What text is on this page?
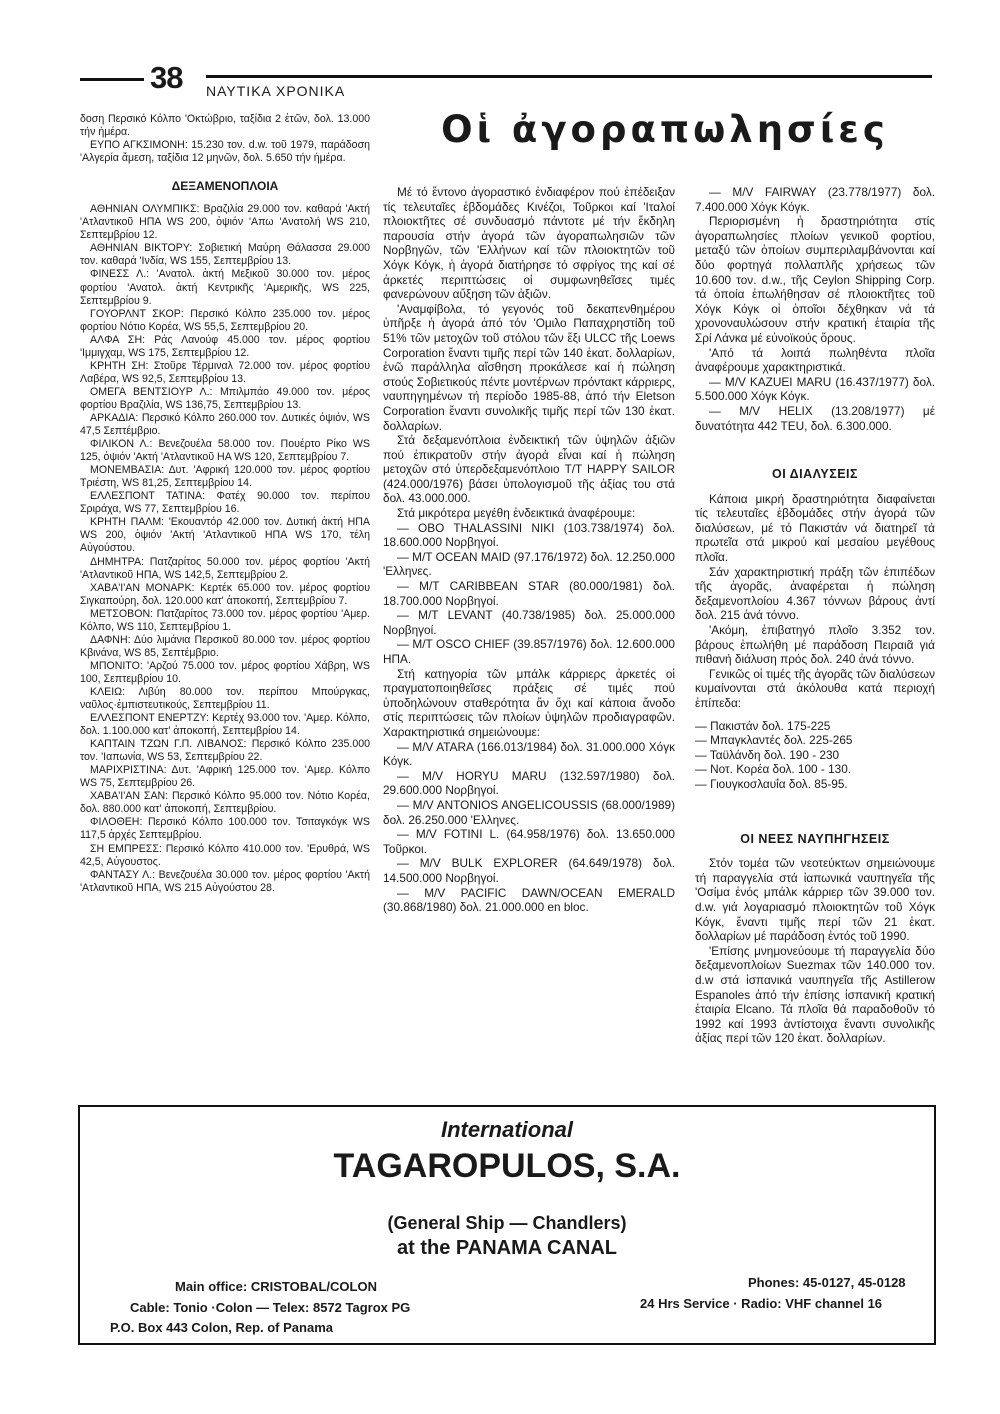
38 ΝΑΥΤΙΚΑ ΧΡΟΝΙΚΑ
Οἱ ἀγοραπωλησίες

δοση Περσικό Κόλπο 'Οκτώβριο, ταξίδια 2 ἐτῶν, δολ. 13.000 τήν ἡμέρα.

ΕΥΠΟ ΑΓΚΣΙΜΟΝΗ: 15.230 τον. d.w. τοῦ 1979, παράδοση 'Αλγερία ἄμεση, ταξίδια 12 μηνῶν, δολ. 5.650 τήν ἡμέρα.

ΔΕΞΑΜΕΝΟΠΛΟΙΑ

ΑΘΗΝΙΑΝ ΟΛΥΜΠΙΚΣ: Βραζιλία 29.000 τον. καθαρά 'Ακτή 'Ατλαντικοῦ ΗΠΑ WS 200, ὀψιόν 'Απω 'Ανατολή WS 210, Σεπτεμβρίου 12.

ΑΘΗΝΙΑΝ ΒΙΚΤΟΡΥ: Σοβιετική Μαύρη Θάλασσα 29.000 τον. καθαρά 'Ινδία, WS 155, Σεπτεμβρίου 13.

ΦΙΝΕΣΣ Λ.: 'Ανατολ. ἀκτή Μεξικοῦ 30.000 τον. μέρος φορτίου 'Ανατολ. ἀκτή Κεντρικῆς 'Αμερικῆς, WS 225, Σεπτεμβρίου 9.

ΓΟΥΟΡΛΝΤ ΣΚΟΡ: Περσικό Κόλπο 235.000 τον. μέρος φορτίου Νότιο Κορέα, WS 55,5, Σεπτεμβρίου 20.

ΑΛΦΑ ΣΗ: Ράς Λανούφ 45.000 τον. μέρος φορτίου 'Ιμμιγχαμ, WS 175, Σεπτεμβρίου 12.

ΚΡΗΤΗ ΣΗ: Στοῦρε Τέρμιναλ 72.000 τον. μέρος φορτίου Λαβέρα, WS 92,5, Σεπτεμβρίου 13.

ΟΜΕΓΑ ΒΕΝΤΣΙΟΥΡ Λ.: Μπιλμπάο 49.000 τον. μέρος φορτίου Βραζιλία, WS 136,75, Σεπτεμβρίου 13.

ΑΡΚΑΔΙΑ: Περσικό Κόλπο 260.000 τον. Δυτικές ὀψιόν, WS 47,5 Σεπτέμβριο.

ΦΙΛΙΚΟΝ Λ.: Βενεζουέλα 58.000 τον. Πουέρτο Ρίκο WS 125, ὀψιόν 'Ακτή 'Ατλαντικοῦ ΗΑ WS 120, Σεπτεμβρίου 7.

ΜΟΝΕΜΒΑΣΙΑ: Δυτ. 'Αφρική 120.000 τον. μέρος φορτίου Τριέστη, WS 81,25, Σεπτεμβρίου 14.

ΕΛΛΕΣΠΟΝΤ ΤΑΤΙΝΑ: Φατέχ 90.000 τον. περίπου Σριράχα, WS 77, Σεπτεμβρίου 16.

ΚΡΗΤΗ ΠΑΛΜ: 'Εκουαντόρ 42.000 τον. Δυτική ἀκτή ΗΠΑ WS 200, ὀψιόν 'Ακτή 'Ατλαντικοῦ ΗΠΑ WS 170, τέλη Αὐγούστου.

ΔΗΜΗΤΡΑ: Πατζαρίτος 50.000 τον. μέρος φορτίου 'Ακτή 'Ατλαντικοῦ ΗΠΑ, WS 142,5, Σεπτεμβρίου 2.

ΧΑΒΑ'Ι'ΑΝ ΜΟΝΑΡΚ: Κερτέκ 65.000 τον. μέρος φορτίου Σιγκαπούρη, δολ. 120.000 κατ' ἀποκοπή, Σεπτεμβρίου 7.

ΜΕΤΣΟΒΟΝ: Πατζαρίτος 73.000 τον. μέρος φορτίου 'Αμερ. Κόλπο, WS 110, Σεπτεμβρίου 1.

ΔΑΦΝΗ: Δύο λιμάνια Περσικοῦ 80.000 τον. μέρος φορτίου Κβινάνα, WS 85, Σεπτέμβριο.

ΜΠΟΝΙΤΟ: 'Αρζού 75.000 τον. μέρος φορτίου Χάβρη, WS 100, Σεπτεμβρίου 10.

ΚΛΕΙΩ: Λιβύη 80.000 τον. περίπου Μπούργκας, ναῦλος·ἐμπιστευτικούς, Σεπτεμβρίου 11.

ΕΛΛΕΣΠΟΝΤ ΕΝΕΡΤΖΥ: Κερτέχ 93.000 τον. 'Αμερ. Κόλπο, δολ. 1.100.000 κατ' ἀποκοπή, Σεπτεμβρίου 14.

ΚΑΠΤΑΙΝ ΤΖΩΝ Γ.Π. ΛΙΒΑΝΟΣ: Περσικό Κόλπο 235.000 τον. 'Ιαπωνία, WS 53, Σεπτεμβρίου 22.

ΜΑΡΙΧΡΙΣΤΙΝΑ: Δυτ. 'Αφρική 125.000 τον. 'Αμερ. Κόλπο WS 75, Σεπτεμβρίου 26.

ΧΑΒΑ'Ι'ΑΝ ΣΑΝ: Περσικό Κόλπο 95.000 τον. Νότιο Κορέα, δολ. 880.000 κατ' ἀποκοπή, Σεπτεμβρίου.

ΦΙΛΟΘΕΗ: Περσικό Κόλπο 100.000 τον. Τσιταγκόγκ WS 117,5 ἀρχές Σεπτεμβρίου.

ΣΗ ΕΜΠΡΕΣΣ: Περσικό Κόλπο 410.000 τον. 'Ερυθρά, WS 42,5, Αὐγουστος.

ΦΑΝΤΑΣΥ Λ.: Βενεζουέλα 30.000 τον. μέρος φορτίου 'Ακτή 'Ατλαντικοῦ ΗΠΑ, WS 215 Αὐγούστου 28.

Μέ τό ἔντονο ἀγοραστικό ἐνδιαφέρον πού ἐπέδειξαν τίς τελευταῖες ἑβδομάδες Κινέζοι, Τοῦρκοι καί 'Ιταλοί πλοιοκτῆτες σέ συνδυασμό πάντοτε μέ τήν ἔκδηλη παρουσία στήν ἀγορά τῶν ἀγοραπωλησιῶν τῶν Νορβηγῶν, τῶν 'Ελλήνων καί τῶν πλοιοκτητῶν τοῦ Χόγκ Κόγκ, ἡ ἀγορά διατήρησε τό σφρίγος της καί σέ ἀρκετές περιπτώσεις οἱ συμφωνηθεῖσες τιμές φανερώνουν αὔξηση τῶν ἀξιῶν.

'Αναμφίβολα, τό γεγονός τοῦ δεκαπενθημέρου ὑπῆρξε ἡ ἀγορά ἀπό τόν 'Ομιλο Παπαχρηστίδη τοῦ 51% τῶν μετοχῶν τοῦ στόλου τῶν ἕξι ULCC τῆς Loews Corporation ἔναντι τιμῆς περί τῶν 140 ἑκατ. δολλαρίων, ἐνῶ παράλληλα αἴσθηση προκάλεσε καί ἡ πώληση στούς Σοβιετικούς πέντε μοντέρνων πρόντακτ κάρριερς, ναυπηγημένων τή περίοδο 1985-88, ἀπό τήν Eletson Corporation ἔναντι συνολικῆς τιμῆς περί τῶν 130 ἑκατ. δολλαρίων.

Στά δεξαμενόπλοια ἐνδεικτική τῶν ὑψηλῶν ἀξιῶν πού ἐπικρατοῦν στήν ἀγορά εἶναι καί ἡ πώληση μετοχῶν στό ὑπερδεξαμενόπλοιο T/T HAPPY SAILOR (424.000/1976) βάσει ὑπολογισμοῦ τῆς ἀξίας του στά δολ. 43.000.000.

Στά μικρότερα μεγέθη ἐνδεικτικά ἀναφέρουμε:

— OBO THALASSINI NIKI (103.738/1974) δολ. 18.600.000 Νορβηγοί.

— M/T OCEAN MAID (97.176/1972) δολ. 12.250.000 'Ελληνες.

— M/T CARIBBEAN STAR (80.000/1981) δολ. 18.700.000 Νορβηγοί.

— M/T LEVANT (40.738/1985) δολ. 25.000.000 Νορβηγοί.

— M/T OSCO CHIEF (39.857/1976) δολ. 12.600.000 ΗΠΑ.

Στή κατηγορία τῶν μπάλκ κάρριερς ἀρκετές οἱ πραγματοποιηθεῖσες πράξεις σέ τιμές πού ὑποδηλώνουν σταθερότητα ἄν ὄχι καί κάποια ἄνοδο στίς περιπτώσεις τῶν πλοίων ὑψηλῶν προδιαγραφῶν. Χαρακτηριστικά σημειώνουμε:

— M/V ATARA (166.013/1984) δολ. 31.000.000 Χόγκ Κόγκ.

— M/V HORYU MARU (132.597/1980) δολ. 29.600.000 Νορβηγοί.

— M/V ANTONIOS ANGELICOUSSIS (68.000/1989) δολ. 26.250.000 'Ελληνες.

— M/V FOTINI L. (64.958/1976) δολ. 13.650.000 Τοῦρκοι.

— M/V BULK EXPLORER (64.649/1978) δολ. 14.500.000 Νορβηγοί.

— M/V PACIFIC DAWN/OCEAN EMERALD (30.868/1980) δολ. 21.000.000 en bloc.

— M/V FAIRWAY (23.778/1977) δολ. 7.400.000 Χόγκ Κόγκ.

Περιορισμένη ἡ δραστηριότητα στίς ἀγοραπωλησίες πλοίων γενικοῦ φορτίου, μεταξύ τῶν ὁποίων συμπεριλαμβάνονται καί δύο φορτηγά πολλαπλῆς χρήσεως τῶν 10.600 τον. d.w., τῆς Ceylon Shipping Corp. τά ὁποία ἐπωλήθησαν σέ πλοιοκτῆτες τοῦ Χόγκ Κόγκ οἱ ὁποῖοι δέχθηκαν νά τά χρονοναυλώσουν στήν κρατική ἑταιρία τῆς Σρί Λάνκα μέ εὐνοϊκούς ὅρους.

'Από τά λοιπά πωληθέντα πλοῖα ἀναφέρουμε χαρακτηριστικά.

— M/V KAZUEI MARU (16.437/1977) δολ. 5.500.000 Χόγκ Κόγκ.

— M/V HELIX (13.208/1977) μέ δυνατότητα 442 TEU, δολ. 6.300.000.

ΟΙ ΔΙΑΛΥΣΕΙΣ

Κάποια μικρή δραστηριότητα διαφαίνεται τίς τελευταῖες ἑβδομάδες στήν ἀγορά τῶν διαλύσεων, μέ τό Πακιστάν νά διατηρεῖ τά πρωτεῖα στά μικρού καί μεσαίου μεγέθους πλοῖα.

Σάν χαρακτηριστική πράξη τῶν ἐπιπέδων τῆς ἀγορᾶς, ἀναφέρεται ἡ πώληση δεξαμενοπλοίου 4.367 τόννων βάρους ἀντί δολ. 215 ἀνά τόννο.

'Ακόμη, ἐπιβατηγό πλοῖο 3.352 τον. βάρους ἐπωλήθη μέ παράδοση Πειραιᾶ γιά πιθανή διάλυση πρός δολ. 240 ἀνά τόννο.

Γενικῶς οἱ τιμές τῆς ἀγορᾶς τῶν διαλύσεων κυμαίνονται στά ἀκόλουθα κατά περιοχή ἐπίπεδα:

— Πακιστάν δολ. 175-225

— Μπαγκλαντές δολ. 225-265

— Ταϋλάνδη δολ. 190 - 230

— Νοτ. Κορέα δολ. 100 - 130.

— Γιουγκοσλαυΐα δολ. 85-95.

ΟΙ ΝΕΕΣ ΝΑΥΠΗΓΗΣΕΙΣ

Στόν τομέα τῶν νεοτεύκτων σημειώνουμε τή παραγγελία στά ἰαπωνικά ναυπηγεῖα τῆς 'Οσίμα ἑνός μπάλκ κάρριερ τῶν 39.000 τον. d.w. γιά λογαριασμό πλοιοκτητῶν τοῦ Χόγκ Κόγκ, ἔναντι τιμῆς περί τῶν 21 ἑκατ. δολλαρίων μέ παράδοση ἐντός τοῦ 1990.

'Επίσης μνημονεύουμε τή παραγγελία δύο δεξαμενοπλοίων Suezmax τῶν 140.000 τον. d.w στά ἰσπανικά ναυπηγεῖα τῆς Astillerow Espanoles ἀπό τήν ἐπίσης ἰσπανική κρατική ἑταιρία Elcano. Τά πλοῖα θά παραδοθοῦν τό 1992 καί 1993 ἀντίστοιχα ἔναντι συνολικῆς ἀξίας περί τῶν 120 ἑκατ. δολλαρίων.

International
TAGAROPULOS, S.A.
(General Ship — Chandlers)
at the PANAMA CANAL
Main office: CRISTOBAL/COLON
Cable: Tonio ·Colon — Telex: 8572 Tagrox PG
P.O. Box 443 Colon, Rep. of Panama
Phones: 45-0127, 45-0128
24 Hrs Service · Radio: VHF channel 16
